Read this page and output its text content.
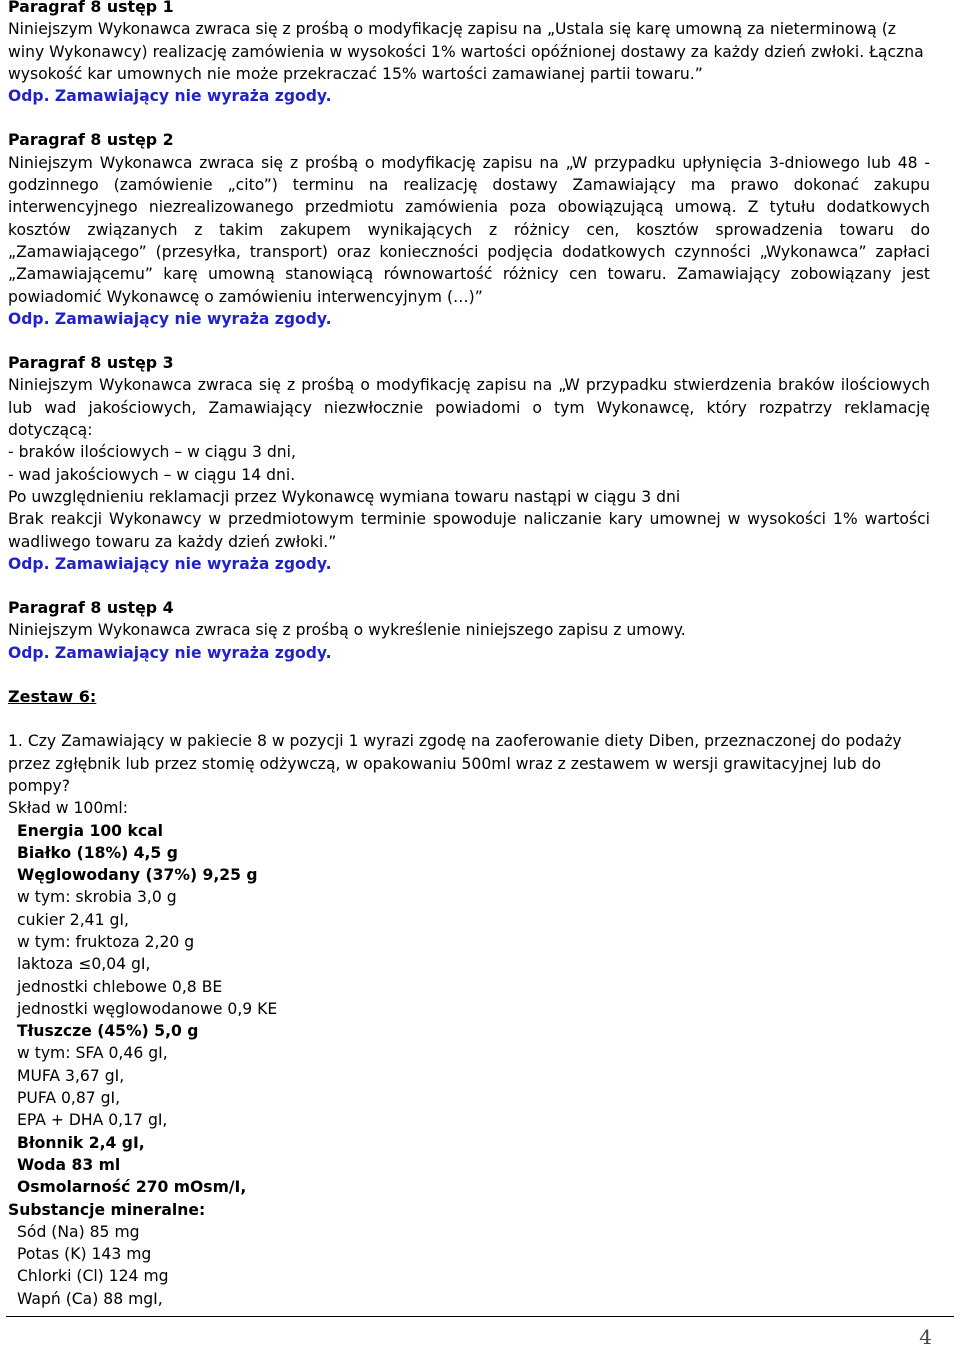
Paragraf 8 ustęp 1
Niniejszym Wykonawca zwraca się z prośbą o modyfikację zapisu na „Ustala się karę umowną za nieterminową (z winy Wykonawcy) realizację zamówienia w wysokości 1% wartości opóźnionej dostawy za każdy dzień zwłoki. Łączna wysokość kar umownych nie może przekraczać 15% wartości zamawianej partii towaru.”
Odp. Zamawiający nie wyraża zgody.
Paragraf 8 ustęp 2
Niniejszym Wykonawca zwraca się z prośbą o modyfikację zapisu na „W przypadku upłynięcia 3-dniowego lub 48 - godzinnego (zamówienie „cito”) terminu na realizację dostawy Zamawiający ma prawo dokonać zakupu interwencyjnego niezrealizowanego przedmiotu zamówienia poza obowiązującą umową. Z tytułu dodatkowych kosztów związanych z takim zakupem wynikających z różnicy cen, kosztów sprowadzenia towaru do „Zamawiającego” (przesyłka, transport) oraz konieczności podjęcia dodatkowych czynności „Wykonawca” zapłaci „Zamawiającemu” karę umowną stanowiącą równowartość różnicy cen towaru. Zamawiający zobowiązany jest powiadomić Wykonawcę o zamówieniu interwencyjnym (…)”
Odp. Zamawiający nie wyraża zgody.
Paragraf 8 ustęp 3
Niniejszym Wykonawca zwraca się z prośbą o modyfikację zapisu na „W przypadku stwierdzenia braków ilościowych lub wad jakościowych, Zamawiający niezwłocznie powiadomi o tym Wykonawcę, który rozpatrzy reklamację dotyczącą:
- braków ilościowych – w ciągu 3 dni,
- wad jakościowych – w ciągu 14 dni.
Po uwzględnieniu reklamacji przez Wykonawcę wymiana towaru nastąpi w ciągu 3 dni
Brak reakcji Wykonawcy w przedmiotowym terminie spowoduje naliczanie kary umownej w wysokości 1% wartości wadliwego towaru za każdy dzień zwłoki.”
Odp. Zamawiający nie wyraża zgody.
Paragraf 8 ustęp 4
Niniejszym Wykonawca zwraca się z prośbą o wykreślenie niniejszego zapisu z umowy.
Odp. Zamawiający nie wyraża zgody.
Zestaw 6:
1. Czy Zamawiający w pakiecie 8 w pozycji 1 wyrazi zgodę na zaoferowanie diety Diben, przeznaczonej do podaży przez zgłębnik lub przez stomię odżywczą, w opakowaniu 500ml wraz z zestawem w wersji grawitacyjnej lub do pompy?
Skład w 100ml:
Energia 100 kcal
Białko (18%) 4,5 g
Węglowodany (37%) 9,25 g
w tym: skrobia 3,0 g
cukier 2,41 gI,
w tym: fruktoza 2,20 g
laktoza ≤0,04 gI,
jednostki chlebowe 0,8 BE
jednostki węglowodanowe 0,9 KE
Tłuszcze (45%) 5,0 g
w tym: SFA 0,46 gI,
MUFA 3,67 gI,
PUFA 0,87 gI,
EPA + DHA 0,17 gI,
Błonnik 2,4 gI,
Woda 83 ml
Osmolarność 270 mOsm/I,
Substancje mineralne:
Sód (Na) 85 mg
Potas (K) 143 mg
Chlorki (Cl) 124 mg
Wapń (Ca) 88 mgI,
4
